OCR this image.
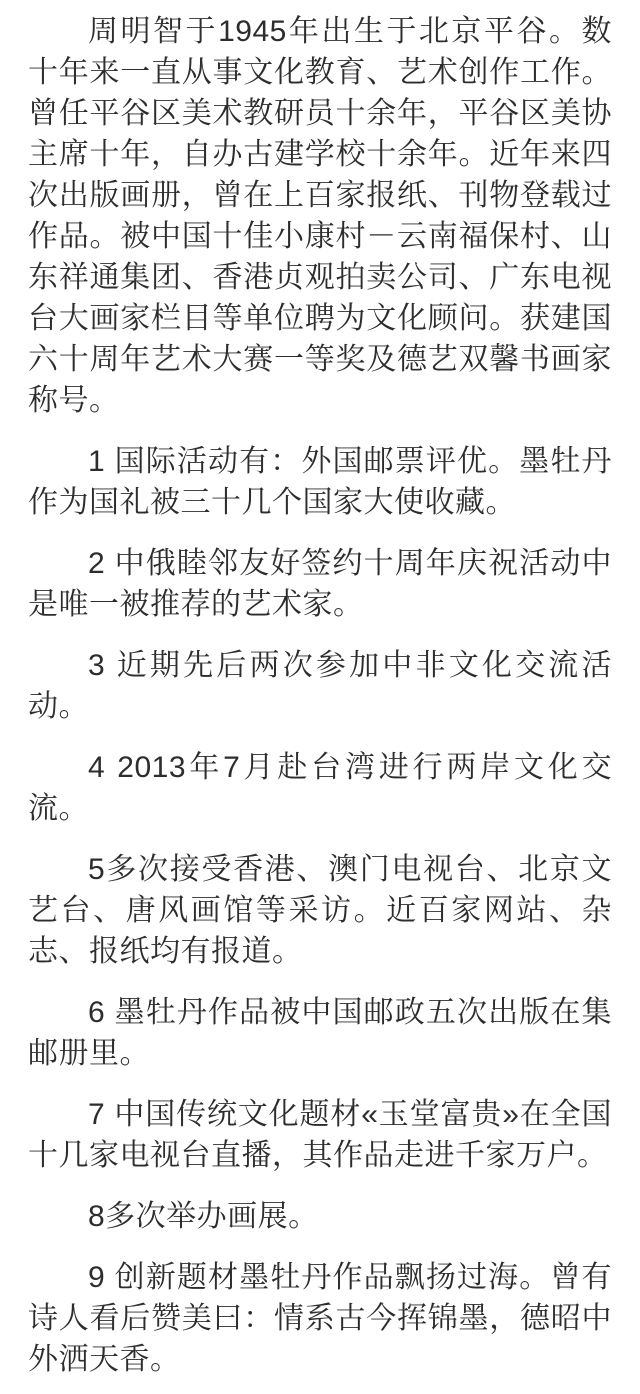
周明智于1945年出生于北京平谷。数十年来一直从事文化教育、艺术创作工作。曾任平谷区美术教研员十余年，平谷区美协主席十年，自办古建学校十余年。近年来四次出版画册，曾在上百家报纸、刊物登载过作品。被中国十佳小康村－云南福保村、山东祥通集团、香港贞观拍卖公司、广东电视台大画家栏目等单位聘为文化顾问。获建国六十周年艺术大赛一等奖及德艺双馨书画家称号。

1 国际活动有：外国邮票评优。墨牡丹作为国礼被三十几个国家大使收藏。

2 中俄睦邻友好签约十周年庆祝活动中是唯一被推荐的艺术家。

3 近期先后两次参加中非文化交流活动。

4 2013年7月赴台湾进行两岸文化交流。

5多次接受香港、澳门电视台、北京文艺台、唐风画馆等采访。近百家网站、杂志、报纸均有报道。

6 墨牡丹作品被中国邮政五次出版在集邮册里。

7 中国传统文化题材«玉堂富贵»在全国十几家电视台直播，其作品走进千家万户。

8多次举办画展。

9 创新题材墨牡丹作品飘扬过海。曾有诗人看后赞美曰：情系古今挥锦墨，德昭中外洒天香。
